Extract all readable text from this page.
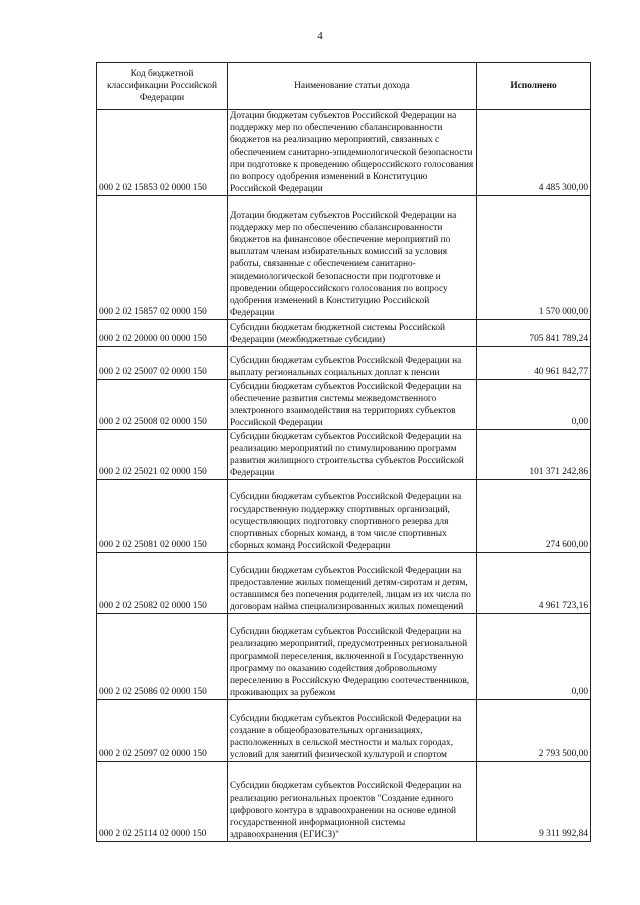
4
Код бюджетной классификации Российской Федерации	Наименование статьи дохода	Исполнено
000 2 02 15853 02 0000 150	Дотации бюджетам субъектов Российской Федерации на поддержку мер по обеспечению сбалансированности бюджетов на реализацию мероприятий, связанных с обеспечением санитарно-эпидемиологической безопасности при подготовке к проведению общероссийского голосования по вопросу одобрения изменений в Конституцию Российской Федерации	4 485 300,00
000 2 02 15857 02 0000 150	Дотации бюджетам субъектов Российской Федерации на поддержку мер по обеспечению сбалансированности бюджетов на финансовое обеспечение мероприятий по выплатам членам избирательных комиссий за условия работы, связанные с обеспечением санитарно-эпидемиологической безопасности при подготовке и проведении общероссийского голосования по вопросу одобрения изменений в Конституцию Российской Федерации	1 570 000,00
000 2 02 20000 00 0000 150	Субсидии бюджетам бюджетной системы Российской Федерации (межбюджетные субсидии)	705 841 789,24
000 2 02 25007 02 0000 150	Субсидии бюджетам субъектов Российской Федерации на выплату региональных социальных доплат к пенсии	40 961 842,77
000 2 02 25008 02 0000 150	Субсидии бюджетам субъектов Российской Федерации на обеспечение развития системы межведомственного электронного взаимодействия на территориях субъектов Российской Федерации	0,00
000 2 02 25021 02 0000 150	Субсидии бюджетам субъектов Российской Федерации на реализацию мероприятий по стимулированию программ развития жилищного строительства субъектов Российской Федерации	101 371 242,86
000 2 02 25081 02 0000 150	Субсидии бюджетам субъектов Российской Федерации на государственную поддержку спортивных организаций, осуществляющих подготовку спортивного резерва для спортивных сборных команд, в том числе спортивных сборных команд Российской Федерации	274 600,00
000 2 02 25082 02 0000 150	Субсидии бюджетам субъектов Российской Федерации на предоставление жилых помещений детям-сиротам и детям, оставшимся без попечения родителей, лицам из их числа по договорам найма специализированных жилых помещений	4 961 723,16
000 2 02 25086 02 0000 150	Субсидии бюджетам субъектов Российской Федерации на реализацию мероприятий, предусмотренных региональной программой переселения, включенной в Государственную программу по оказанию содействия добровольному переселению в Российскую Федерацию соотечественников, проживающих за рубежом	0,00
000 2 02 25097 02 0000 150	Субсидии бюджетам субъектов Российской Федерации на создание в общеобразовательных организациях, расположенных в сельской местности и малых городах, условий для занятий физической культурой и спортом	2 793 500,00
000 2 02 25114 02 0000 150	Субсидии бюджетам субъектов Российской Федерации на реализацию региональных проектов "Создание единого цифрового контура в здравоохранении на основе единой государственной информационной системы здравоохранения (ЕГИСЗ)"	9 311 992,84
